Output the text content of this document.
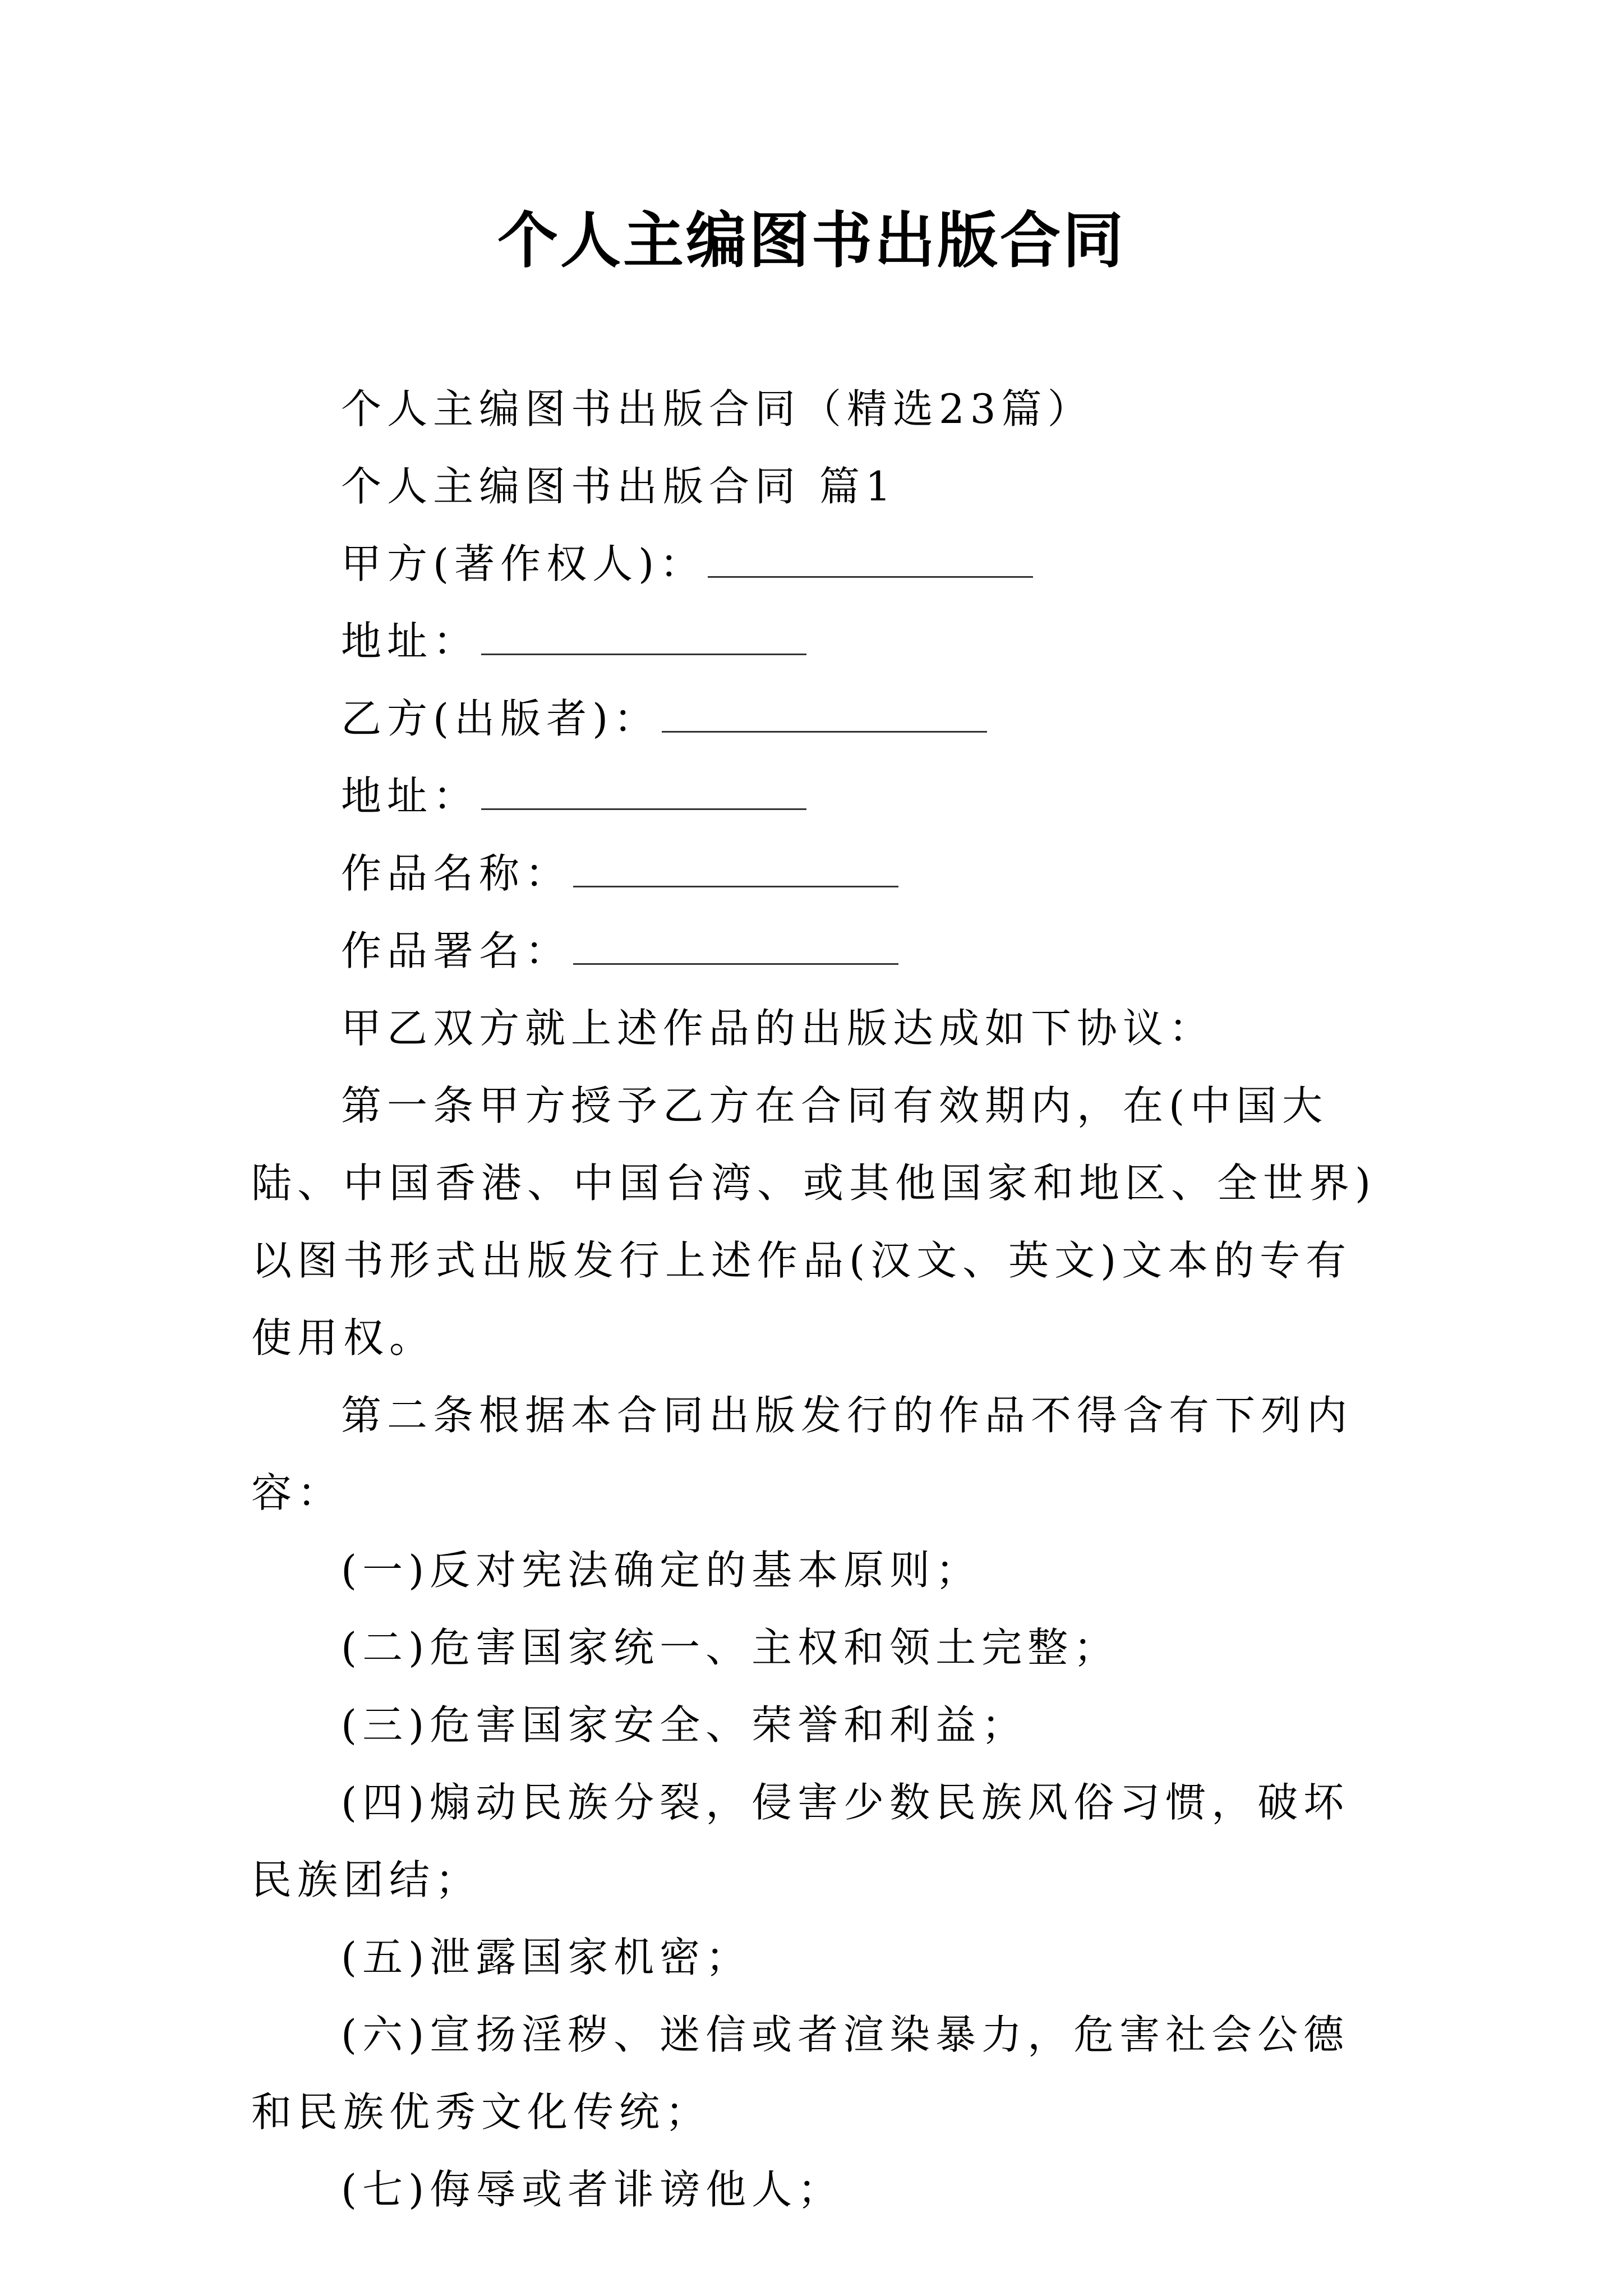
个人主编图书出版合同

个人主编图书出版合同（精选23篇）

个人主编图书出版合同 篇1

甲方(著作权人)：

地址：

乙方(出版者)：

地址：

作品名称：

作品署名：

甲乙双方就上述作品的出版达成如下协议：

第一条甲方授予乙方在合同有效期内，在(中国大陆、中国香港、中国台湾、或其他国家和地区、全世界)以图书形式出版发行上述作品(汉文、英文)文本的专有使用权。

第二条根据本合同出版发行的作品不得含有下列内容：

(一)反对宪法确定的基本原则；

(二)危害国家统一、主权和领土完整；

(三)危害国家安全、荣誉和利益；

(四)煽动民族分裂，侵害少数民族风俗习惯，破坏民族团结；

(五)泄露国家机密；

(六)宣扬淫秽、迷信或者渲染暴力，危害社会公德和民族优秀文化传统；

(七)侮辱或者诽谤他人；
